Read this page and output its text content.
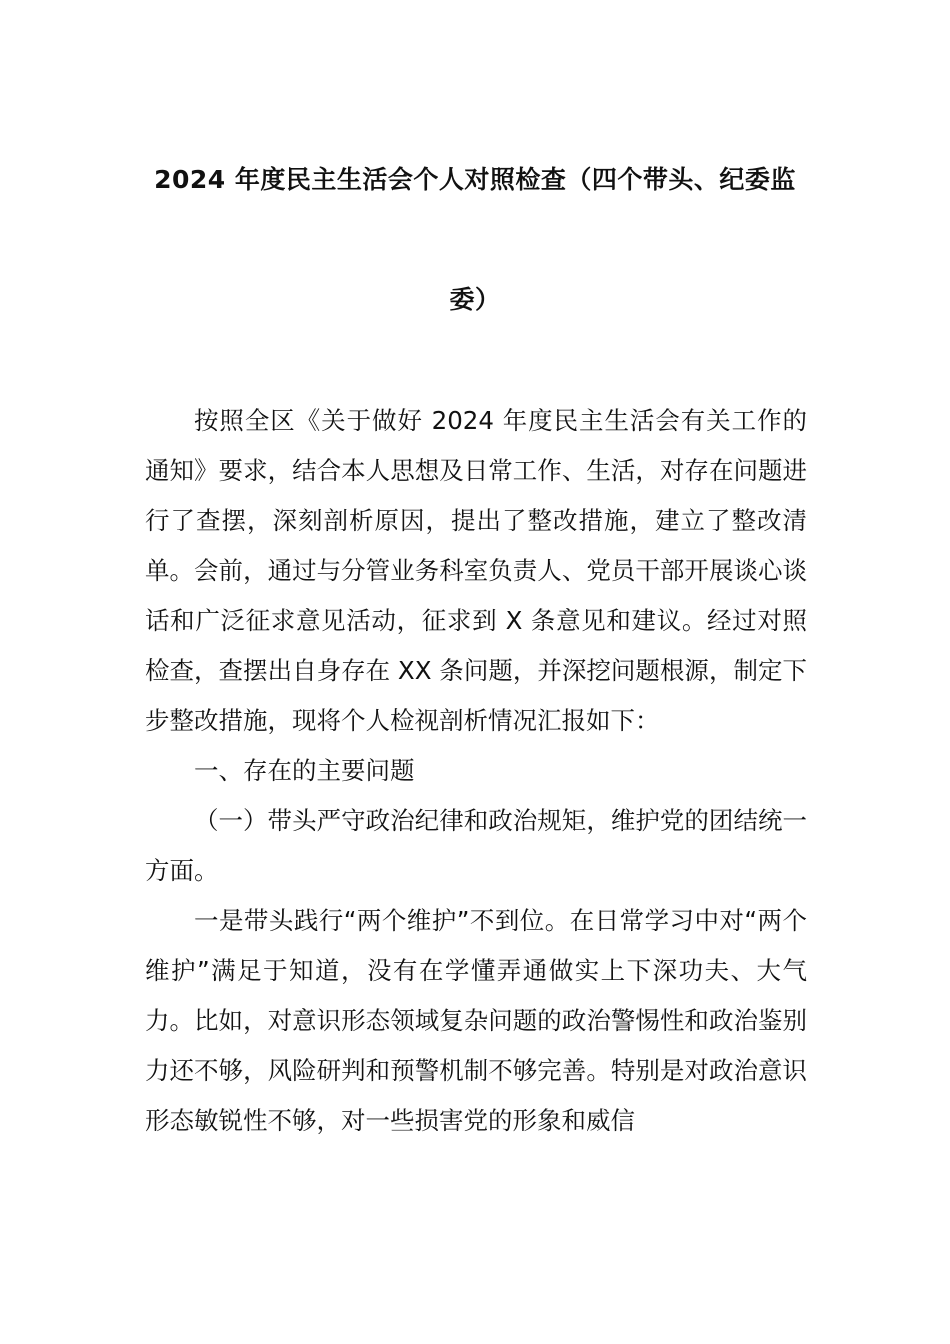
2024 年度民主生活会个人对照检查（四个带头、纪委监
委）

按照全区《关于做好 2024 年度民主生活会有关工作的通知》要求，结合本人思想及日常工作、生活，对存在问题进行了查摆，深刻剖析原因，提出了整改措施，建立了整改清单。会前，通过与分管业务科室负责人、党员干部开展谈心谈话和广泛征求意见活动，征求到 X 条意见和建议。经过对照检查，查摆出自身存在 XX 条问题，并深挖问题根源，制定下步整改措施，现将个人检视剖析情况汇报如下：

一、存在的主要问题

（一）带头严守政治纪律和政治规矩，维护党的团结统一方面。

一是带头践行“两个维护”不到位。在日常学习中对“两个维护”满足于知道，没有在学懂弄通做实上下深功夫、大气力。比如，对意识形态领域复杂问题的政治警惕性和政治鉴别力还不够，风险研判和预警机制不够完善。特别是对政治意识形态敏锐性不够，对一些损害党的形象和威信
